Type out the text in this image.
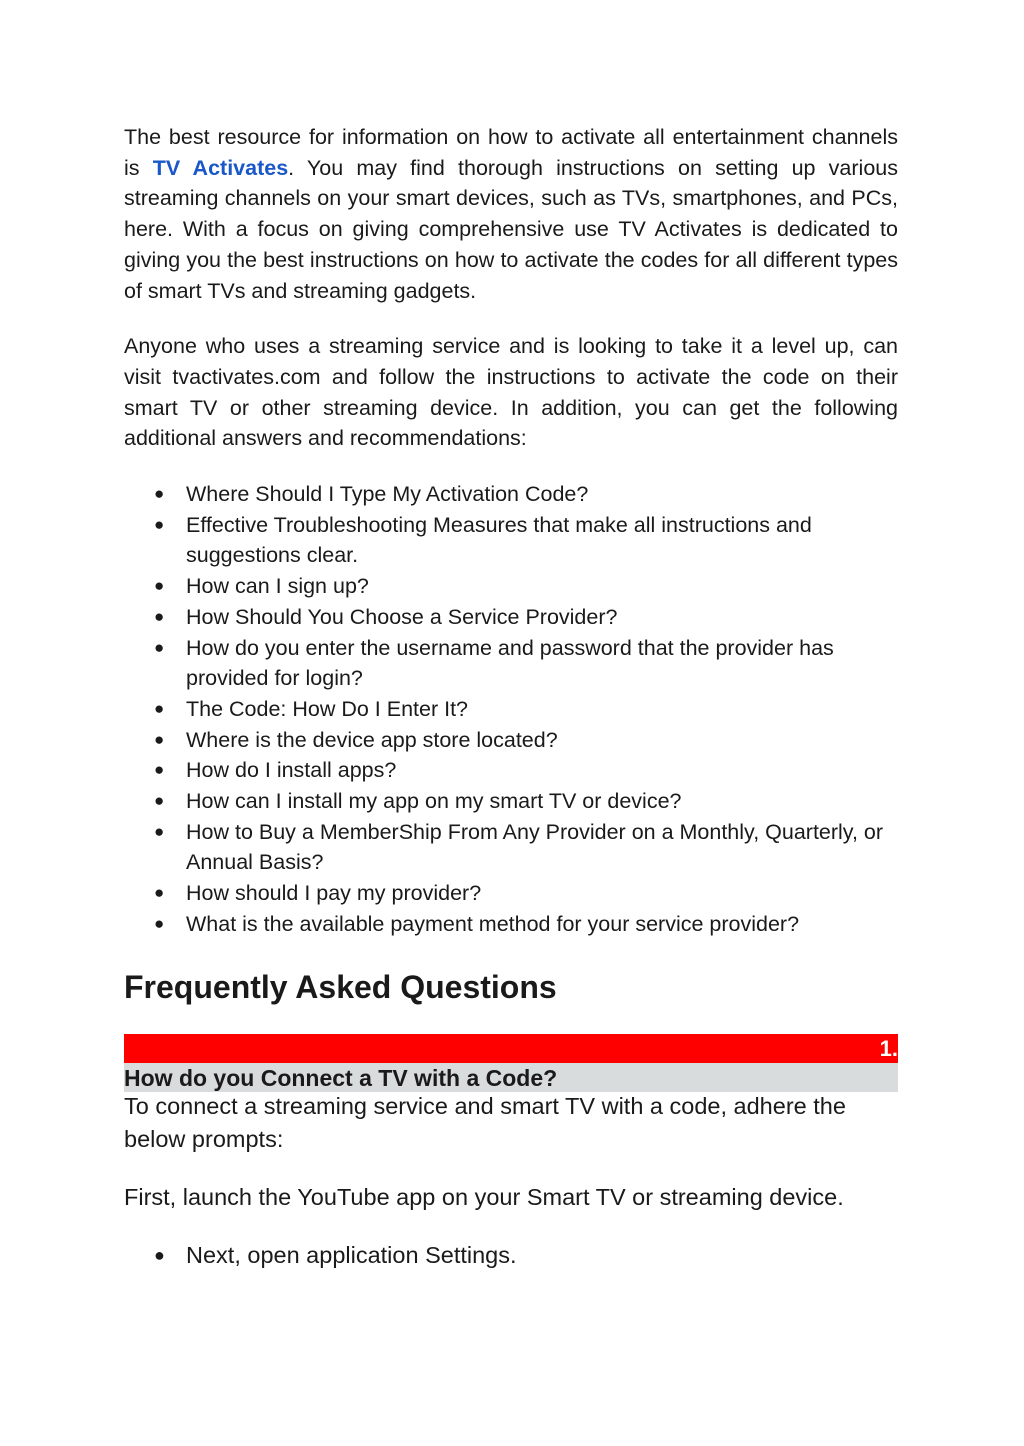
The best resource for information on how to activate all entertainment channels is TV Activates. You may find thorough instructions on setting up various streaming channels on your smart devices, such as TVs, smartphones, and PCs, here. With a focus on giving comprehensive use TV Activates is dedicated to giving you the best instructions on how to activate the codes for all different types of smart TVs and streaming gadgets.

Anyone who uses a streaming service and is looking to take it a level up, can visit tvactivates.com and follow the instructions to activate the code on their smart TV or other streaming device. In addition, you can get the following additional answers and recommendations:

● Where Should I Type My Activation Code?
● Effective Troubleshooting Measures that make all instructions and suggestions clear.
● How can I sign up?
● How Should You Choose a Service Provider?
● How do you enter the username and password that the provider has provided for login?
● The Code: How Do I Enter It?
● Where is the device app store located?
● How do I install apps?
● How can I install my app on my smart TV or device?
● How to Buy a MemberShip From Any Provider on a Monthly, Quarterly, or Annual Basis?
● How should I pay my provider?
● What is the available payment method for your service provider?
Frequently Asked Questions
1.
How do you Connect a TV with a Code?

To connect a streaming service and smart TV with a code, adhere the below prompts:

First, launch the YouTube app on your Smart TV or streaming device.

● Next, open application Settings.
